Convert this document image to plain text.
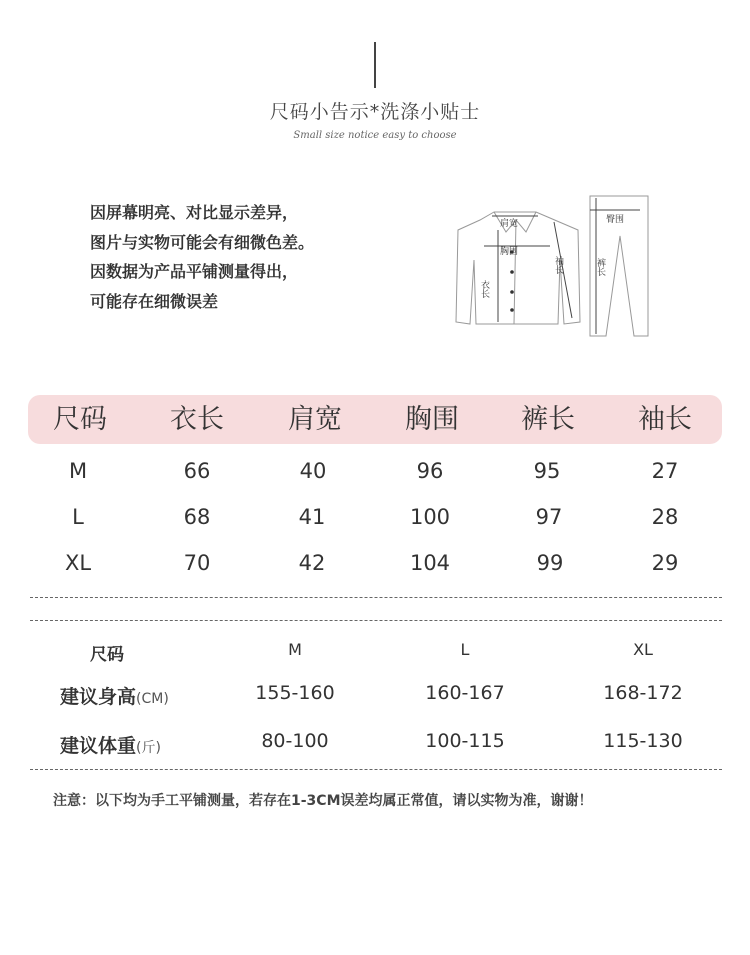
尺码小告示*洗涤小贴士
Small size notice easy to choose
因屏幕明亮、对比显示差异，
图片与实物可能会有细微色差。
因数据为产品平铺测量得出，
可能存在细微误差
肩宽
胸围
衣长
袖长
臀围
裤长
尺码	衣长	肩宽	胸围	裤长	袖长
M	66	40	96	95	27
L	68	41	100	97	28
XL	70	42	104	99	29
尺码	M	L	XL
建议身高(CM)	155-160	160-167	168-172
建议体重(斤)	80-100	100-115	115-130
注意：以下均为手工平铺测量，若存在1-3CM误差均属正常值，请以实物为准，谢谢！
